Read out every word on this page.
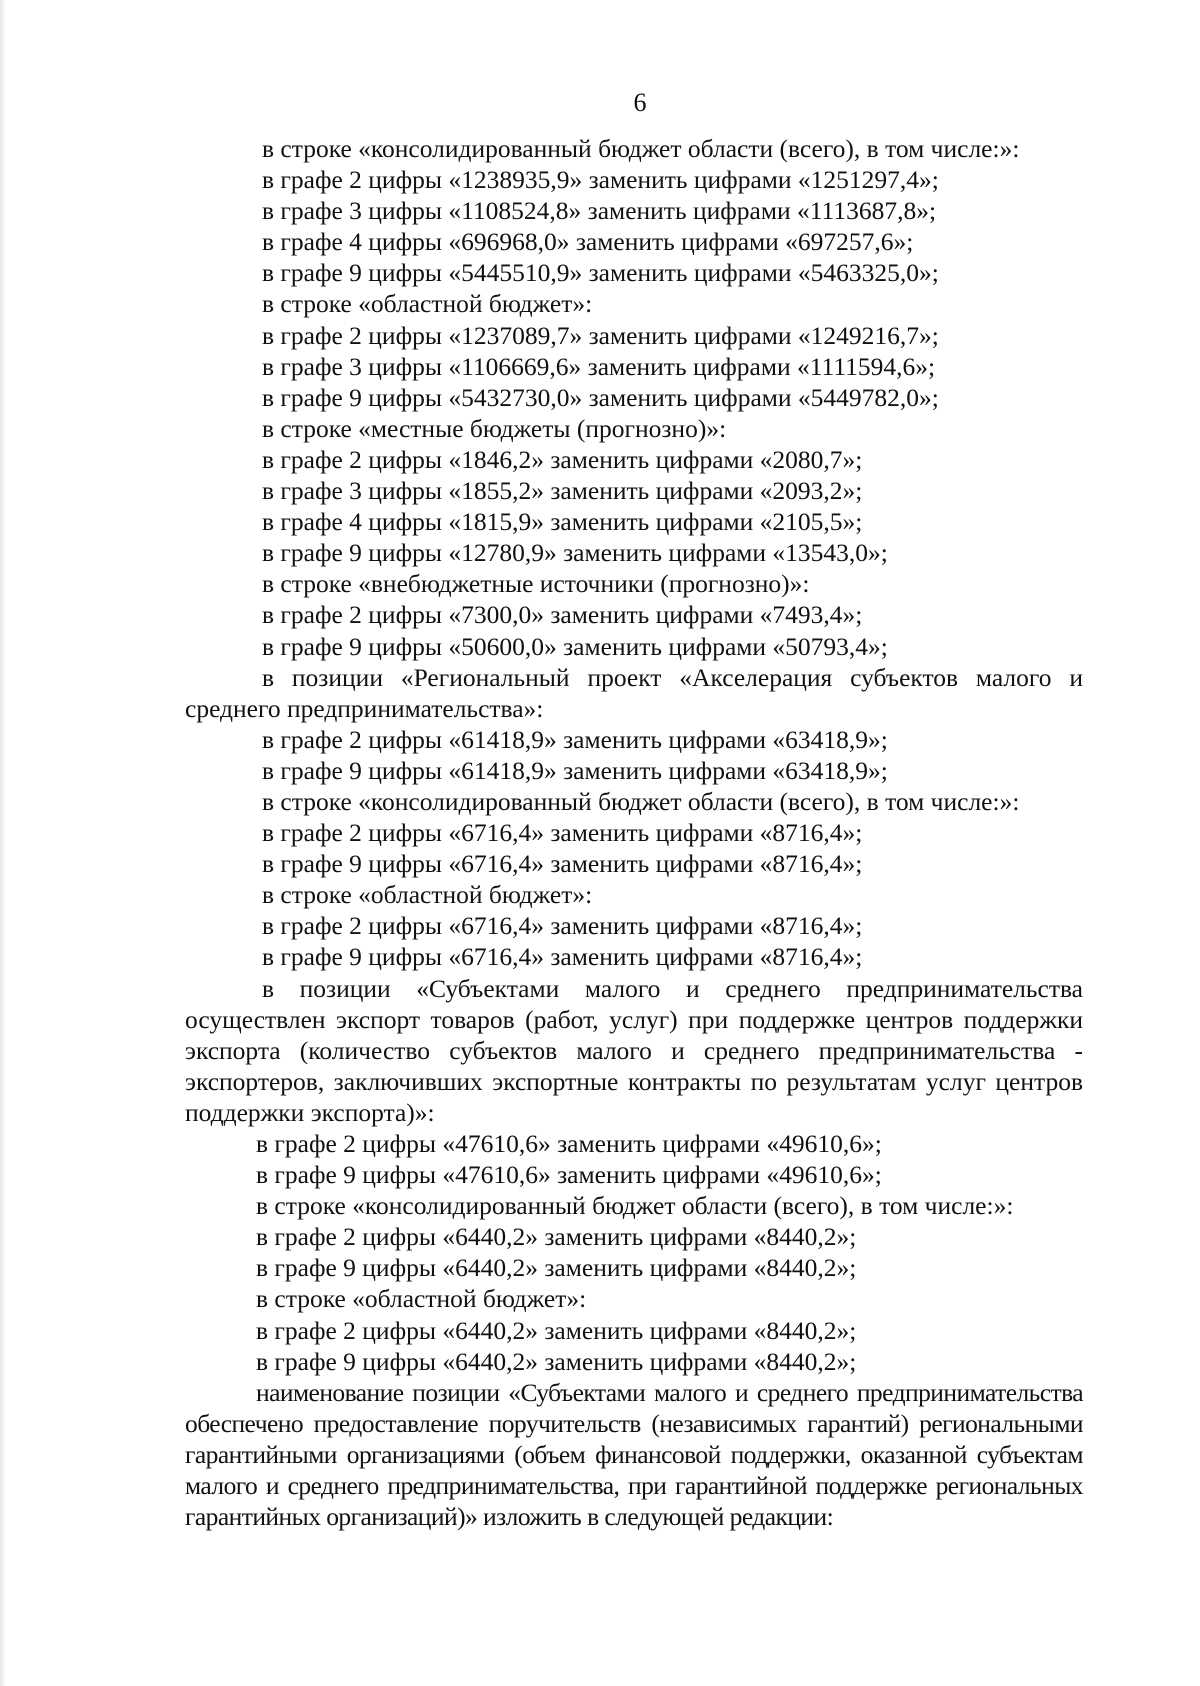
6

в строке «консолидированный бюджет области (всего), в том числе:»:

в графе 2 цифры «1238935,9» заменить цифрами «1251297,4»;

в графе 3 цифры «1108524,8» заменить цифрами «1113687,8»;

в графе 4 цифры «696968,0» заменить цифрами «697257,6»;

в графе 9 цифры «5445510,9» заменить цифрами «5463325,0»;

в строке «областной бюджет»:

в графе 2 цифры «1237089,7» заменить цифрами «1249216,7»;

в графе 3 цифры «1106669,6» заменить цифрами «1111594,6»;

в графе 9 цифры «5432730,0» заменить цифрами «5449782,0»;

в строке «местные бюджеты (прогнозно)»:

в графе 2 цифры «1846,2» заменить цифрами «2080,7»;

в графе 3 цифры «1855,2» заменить цифрами «2093,2»;

в графе 4 цифры «1815,9» заменить цифрами «2105,5»;

в графе 9 цифры «12780,9» заменить цифрами «13543,0»;

в строке «внебюджетные источники (прогнозно)»:

в графе 2 цифры «7300,0» заменить цифрами «7493,4»;

в графе 9 цифры «50600,0» заменить цифрами «50793,4»;

в позиции «Региональный проект «Акселерация субъектов малого и среднего предпринимательства»:

в графе 2 цифры «61418,9» заменить цифрами «63418,9»;

в графе 9 цифры «61418,9» заменить цифрами «63418,9»;

в строке «консолидированный бюджет области (всего), в том числе:»:

в графе 2 цифры «6716,4» заменить цифрами «8716,4»;

в графе 9 цифры «6716,4» заменить цифрами «8716,4»;

в строке «областной бюджет»:

в графе 2 цифры «6716,4» заменить цифрами «8716,4»;

в графе 9 цифры «6716,4» заменить цифрами «8716,4»;

в позиции «Субъектами малого и среднего предпринимательства осуществлен экспорт товаров (работ, услуг) при поддержке центров поддержки экспорта (количество субъектов малого и среднего предпринимательства - экспортеров, заключивших экспортные контракты по результатам услуг центров поддержки экспорта)»:

в графе 2 цифры «47610,6» заменить цифрами «49610,6»;

в графе 9 цифры «47610,6» заменить цифрами «49610,6»;

в строке «консолидированный бюджет области (всего), в том числе:»:

в графе 2 цифры «6440,2» заменить цифрами «8440,2»;

в графе 9 цифры «6440,2» заменить цифрами «8440,2»;

в строке «областной бюджет»:

в графе 2 цифры «6440,2» заменить цифрами «8440,2»;

в графе 9 цифры «6440,2» заменить цифрами «8440,2»;

наименование позиции «Субъектами малого и среднего предпринимательства обеспечено предоставление поручительств (независимых гарантий) региональными гарантийными организациями (объем финансовой поддержки, оказанной субъектам малого и среднего предпринимательства, при гарантийной поддержке региональных гарантийных организаций)» изложить в следующей редакции:
